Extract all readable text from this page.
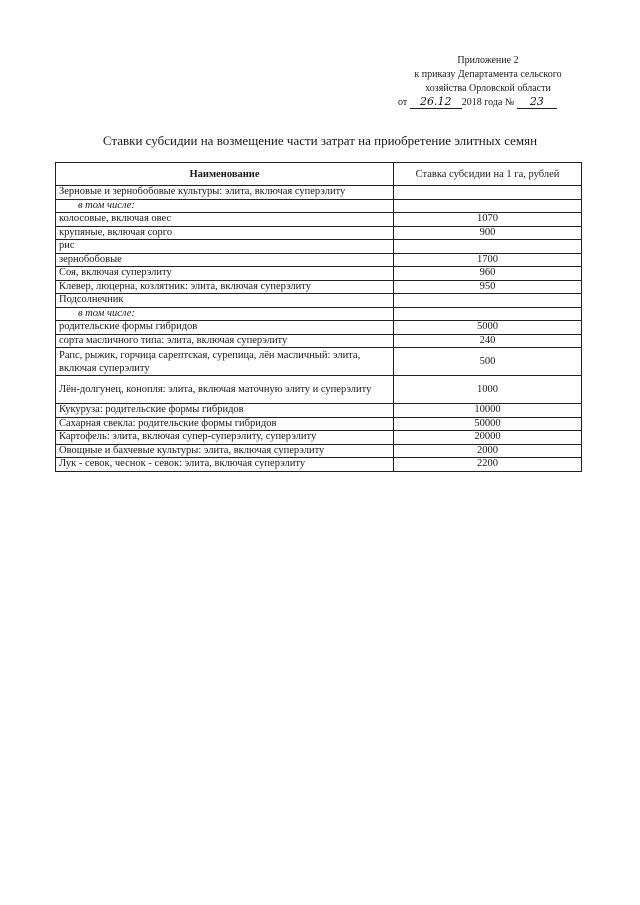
Приложение 2
к приказу Департамента сельского
хозяйства Орловской области
от 26.12 2018 года № 23
Ставки субсидии на возмещение части затрат на приобретение элитных семян
Наименование	Ставка субсидии на 1 га, рублей
Зерновые и зернобобовые культуры: элита, включая суперэлиту	
в том числе:	
колосовые, включая овес	1070
крупяные, включая сорго	900
рис	
зернобобовые	1700
Соя, включая суперэлиту	960
Клевер, люцерна, козлятник: элита, включая суперэлиту	950
Подсолнечник	
в том числе:	
родительские формы гибридов	5000
сорта масличного типа: элита, включая суперэлиту	240
Рапс, рыжик, горчица сарептская, сурепица, лён масличный: элита, включая суперэлиту	500
Лён-долгунец, конопля: элита, включая маточную элиту и суперэлиту	1000
Кукуруза: родительские формы гибридов	10000
Сахарная свекла: родительские формы гибридов	50000
Картофель: элита, включая супер-суперэлиту, суперэлиту	20000
Овощные и бахчевые культуры: элита, включая суперэлиту	2000
Лук - севок, чеснок - севок: элита, включая суперэлиту	2200
